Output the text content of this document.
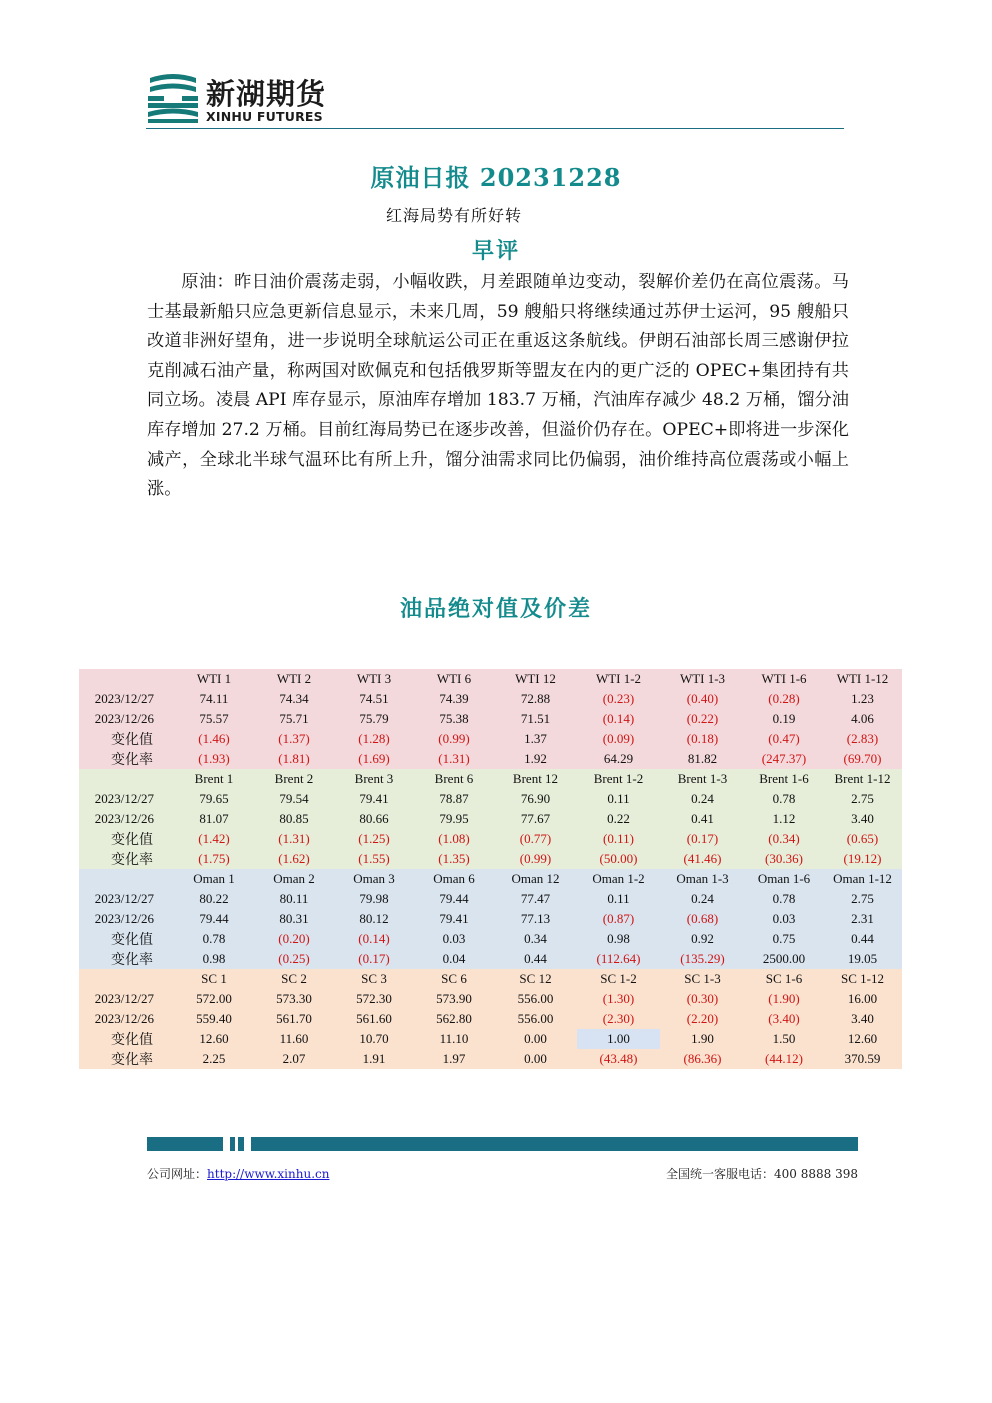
新湖期货
XINHU FUTURES
原油日报 20231228
红海局势有所好转
早评

原油：昨日油价震荡走弱，小幅收跌，月差跟随单边变动，裂解价差仍在高位震荡。马士基最新船只应急更新信息显示，未来几周，59 艘船只将继续通过苏伊士运河，95 艘船只改道非洲好望角，进一步说明全球航运公司正在重返这条航线。伊朗石油部长周三感谢伊拉克削减石油产量，称两国对欧佩克和包括俄罗斯等盟友在内的更广泛的 OPEC+集团持有共同立场。凌晨 API 库存显示，原油库存增加 183.7 万桶，汽油库存减少 48.2 万桶，馏分油库存增加 27.2 万桶。目前红海局势已在逐步改善，但溢价仍存在。OPEC+即将进一步深化减产，全球北半球气温环比有所上升，馏分油需求同比仍偏弱，油价维持高位震荡或小幅上涨。

油品绝对值及价差
	WTI 1	WTI 2	WTI 3	WTI 6	WTI 12	WTI 1-2	WTI 1-3	WTI 1-6	WTI 1-12
2023/12/27	74.11	74.34	74.51	74.39	72.88	(0.23)	(0.40)	(0.28)	1.23
2023/12/26	75.57	75.71	75.79	75.38	71.51	(0.14)	(0.22)	0.19	4.06
变化值	(1.46)	(1.37)	(1.28)	(0.99)	1.37	(0.09)	(0.18)	(0.47)	(2.83)
变化率	(1.93)	(1.81)	(1.69)	(1.31)	1.92	64.29	81.82	(247.37)	(69.70)
	Brent 1	Brent 2	Brent 3	Brent 6	Brent 12	Brent 1-2	Brent 1-3	Brent 1-6	Brent 1-12
2023/12/27	79.65	79.54	79.41	78.87	76.90	0.11	0.24	0.78	2.75
2023/12/26	81.07	80.85	80.66	79.95	77.67	0.22	0.41	1.12	3.40
变化值	(1.42)	(1.31)	(1.25)	(1.08)	(0.77)	(0.11)	(0.17)	(0.34)	(0.65)
变化率	(1.75)	(1.62)	(1.55)	(1.35)	(0.99)	(50.00)	(41.46)	(30.36)	(19.12)
	Oman 1	Oman 2	Oman 3	Oman 6	Oman 12	Oman 1-2	Oman 1-3	Oman 1-6	Oman 1-12
2023/12/27	80.22	80.11	79.98	79.44	77.47	0.11	0.24	0.78	2.75
2023/12/26	79.44	80.31	80.12	79.41	77.13	(0.87)	(0.68)	0.03	2.31
变化值	0.78	(0.20)	(0.14)	0.03	0.34	0.98	0.92	0.75	0.44
变化率	0.98	(0.25)	(0.17)	0.04	0.44	(112.64)	(135.29)	2500.00	19.05
	SC 1	SC 2	SC 3	SC 6	SC 12	SC 1-2	SC 1-3	SC 1-6	SC 1-12
2023/12/27	572.00	573.30	572.30	573.90	556.00	(1.30)	(0.30)	(1.90)	16.00
2023/12/26	559.40	561.70	561.60	562.80	556.00	(2.30)	(2.20)	(3.40)	3.40
变化值	12.60	11.60	10.70	11.10	0.00	1.00	1.90	1.50	12.60
变化率	2.25	2.07	1.91	1.97	0.00	(43.48)	(86.36)	(44.12)	370.59
公司网址：http://www.xinhu.cn	全国统一客服电话：400 8888 398
